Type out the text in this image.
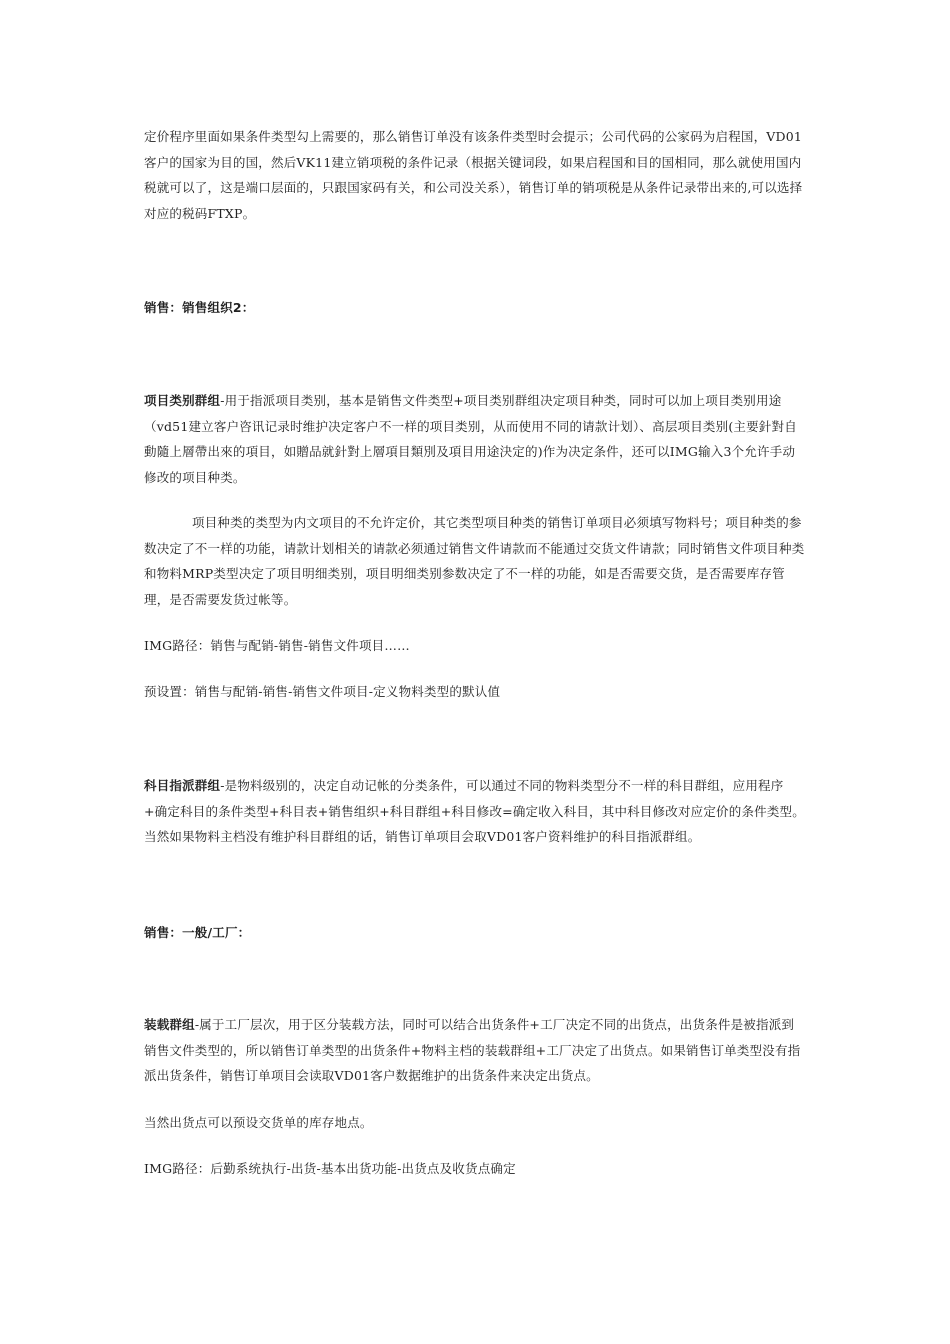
定价程序里面如果条件类型勾上需要的，那么销售订单没有该条件类型时会提示；公司代码的公家码为启程国，VD01客户的国家为目的国，然后VK11建立销项税的条件记录（根据关键词段，如果启程国和目的国相同，那么就使用国内税就可以了，这是端口层面的，只跟国家码有关，和公司没关系），销售订单的销项税是从条件记录带出来的,可以选择对应的税码FTXP。
销售：销售组织2：
项目类别群组-用于指派项目类别，基本是销售文件类型+项目类别群组决定项目种类，同时可以加上项目类别用途（vd51建立客户咨讯记录时维护决定客户不一样的项目类别，从而使用不同的请款计划）、高层项目类别(主要針對自動隨上層帶出來的項目，如贈品就針對上層項目類別及項目用途決定的)作为决定条件，还可以IMG输入3个允许手动修改的项目种类。
项目种类的类型为内文项目的不允许定价，其它类型项目种类的销售订单项目必须填写物料号；项目种类的参数决定了不一样的功能，请款计划相关的请款必须通过销售文件请款而不能通过交货文件请款；同时销售文件项目种类和物料MRP类型决定了项目明细类别，项目明细类别参数决定了不一样的功能，如是否需要交货，是否需要库存管理，是否需要发货过帐等。
IMG路径：销售与配销-销售-销售文件项目……
预设置：销售与配销-销售-销售文件项目-定义物料类型的默认值
科目指派群组-是物料级别的，决定自动记帐的分类条件，可以通过不同的物料类型分不一样的科目群组，应用程序+确定科目的条件类型+科目表+销售组织+科目群组+科目修改=确定收入科目，其中科目修改对应定价的条件类型。当然如果物料主档没有维护科目群组的话，销售订单项目会取VD01客户资料维护的科目指派群组。
销售：一般/工厂：
装载群组-属于工厂层次，用于区分装载方法，同时可以结合出货条件+工厂决定不同的出货点，出货条件是被指派到销售文件类型的，所以销售订单类型的出货条件+物料主档的装载群组+工厂决定了出货点。如果销售订单类型没有指派出货条件，销售订单项目会读取VD01客户数据维护的出货条件来决定出货点。
当然出货点可以预设交货单的库存地点。
IMG路径：后勤系统执行-出货-基本出货功能-出货点及收货点确定
